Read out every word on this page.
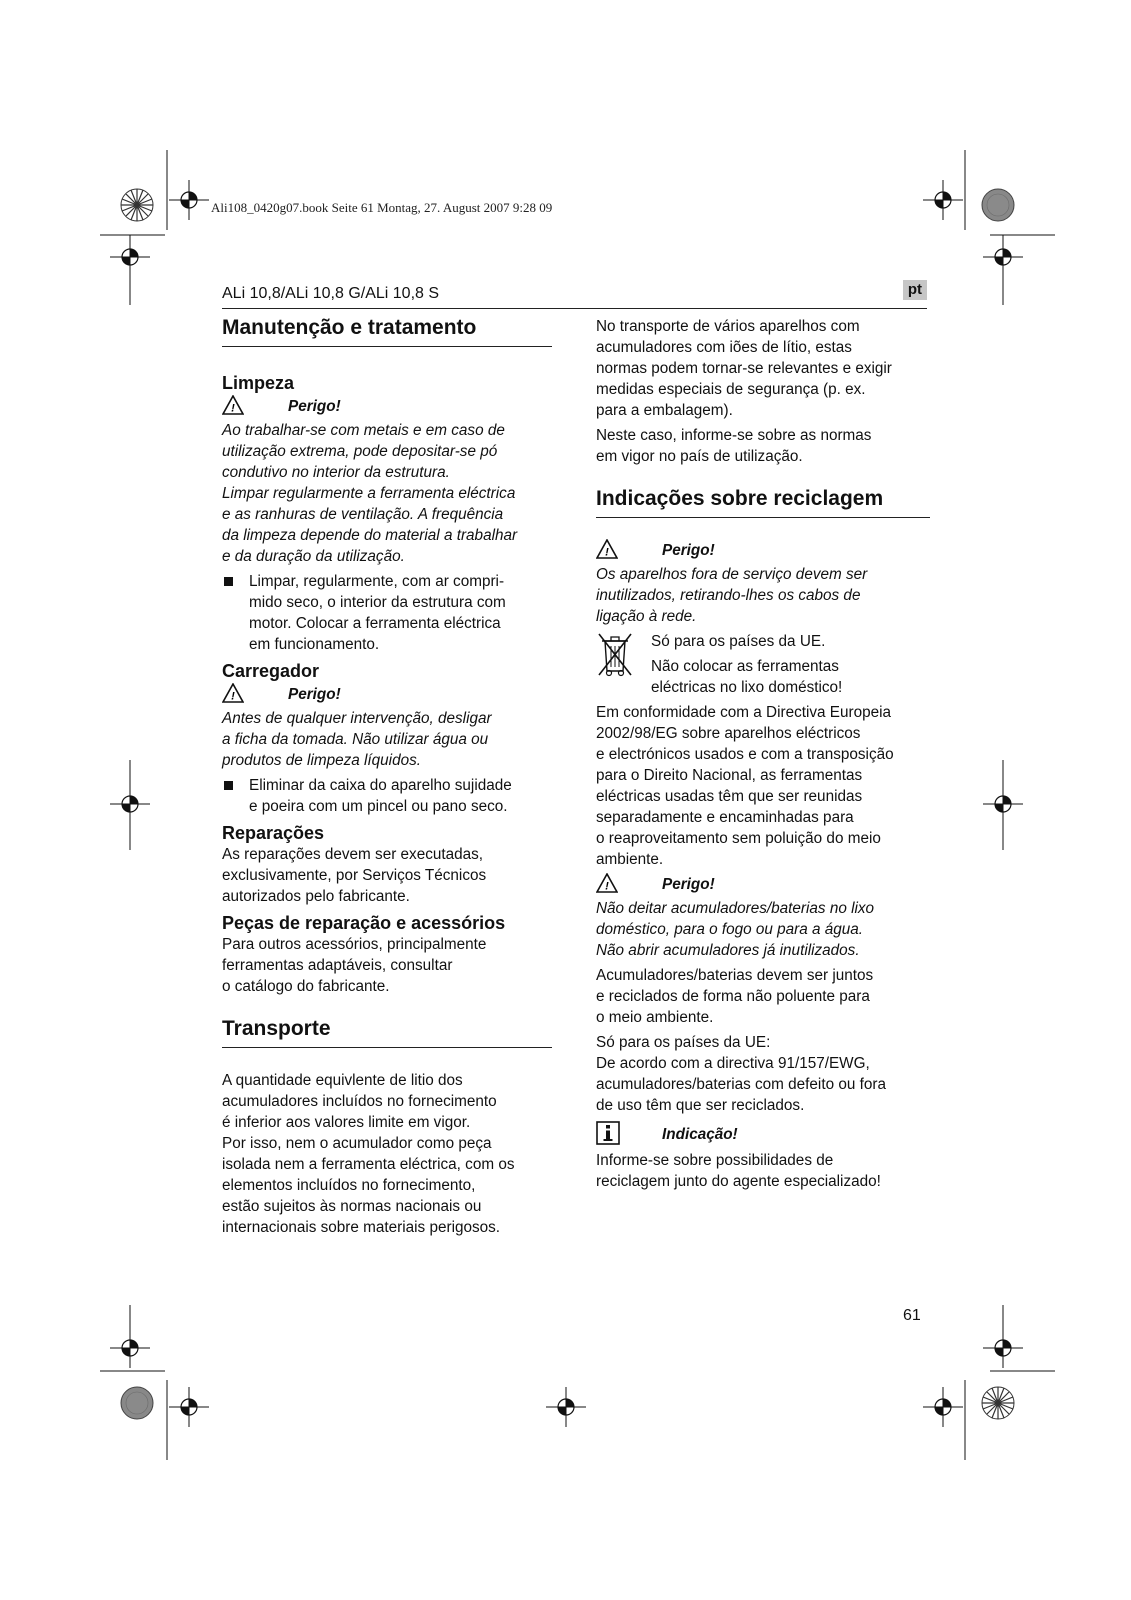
Ali108_0420g07.book Seite 61 Montag, 27. August 2007 9:28 09
ALi 10,8/ALi 10,8 G/ALi 10,8 S	pt
Manutenção e tratamento
Limpeza
!	Perigo!
Ao trabalhar-se com metais e em caso de
utilização extrema, pode depositar-se pó
condutivo no interior da estrutura.
Limpar regularmente a ferramenta eléctrica
e as ranhuras de ventilação. A frequência
da limpeza depende do material a trabalhar
e da duração da utilização.
Limpar, regularmente, com ar compri-
mido seco, o interior da estrutura com
motor. Colocar a ferramenta eléctrica
em funcionamento.
Carregador
!	Perigo!
Antes de qualquer intervenção, desligar
a ficha da tomada. Não utilizar água ou
produtos de limpeza líquidos.
Eliminar da caixa do aparelho sujidade
e poeira com um pincel ou pano seco.
Reparações
As reparações devem ser executadas,
exclusivamente, por Serviços Técnicos
autorizados pelo fabricante.
Peças de reparação e acessórios
Para outros acessórios, principalmente
ferramentas adaptáveis, consultar
o catálogo do fabricante.
Transporte
A quantidade equivlente de litio dos
acumuladores incluídos no fornecimento
é inferior aos valores limite em vigor.
Por isso, nem o acumulador como peça
isolada nem a ferramenta eléctrica, com os
elementos incluídos no fornecimento,
estão sujeitos às normas nacionais ou
internacionais sobre materiais perigosos.
No transporte de vários aparelhos com
acumuladores com iões de lítio, estas
normas podem tornar-se relevantes e exigir
medidas especiais de segurança (p. ex.
para a embalagem).
Neste caso, informe-se sobre as normas
em vigor no país de utilização.
Indicações sobre reciclagem
!	Perigo!
Os aparelhos fora de serviço devem ser
inutilizados, retirando-lhes os cabos de
ligação à rede.
Só para os países da UE.
Não colocar as ferramentas
eléctricas no lixo doméstico!
Em conformidade com a Directiva Europeia
2002/98/EG sobre aparelhos eléctricos
e electrónicos usados e com a transposição
para o Direito Nacional, as ferramentas
eléctricas usadas têm que ser reunidas
separadamente e encaminhadas para
o reaproveitamento sem poluição do meio
ambiente.
!	Perigo!
Não deitar acumuladores/baterias no lixo
doméstico, para o fogo ou para a água.
Não abrir acumuladores já inutilizados.
Acumuladores/baterias devem ser juntos
e reciclados de forma não poluente para
o meio ambiente.
Só para os países da UE:
De acordo com a directiva 91/157/EWG,
acumuladores/baterias com defeito ou fora
de uso têm que ser reciclados.
Indicação!
Informe-se sobre possibilidades de
reciclagem junto do agente especializado!
61
